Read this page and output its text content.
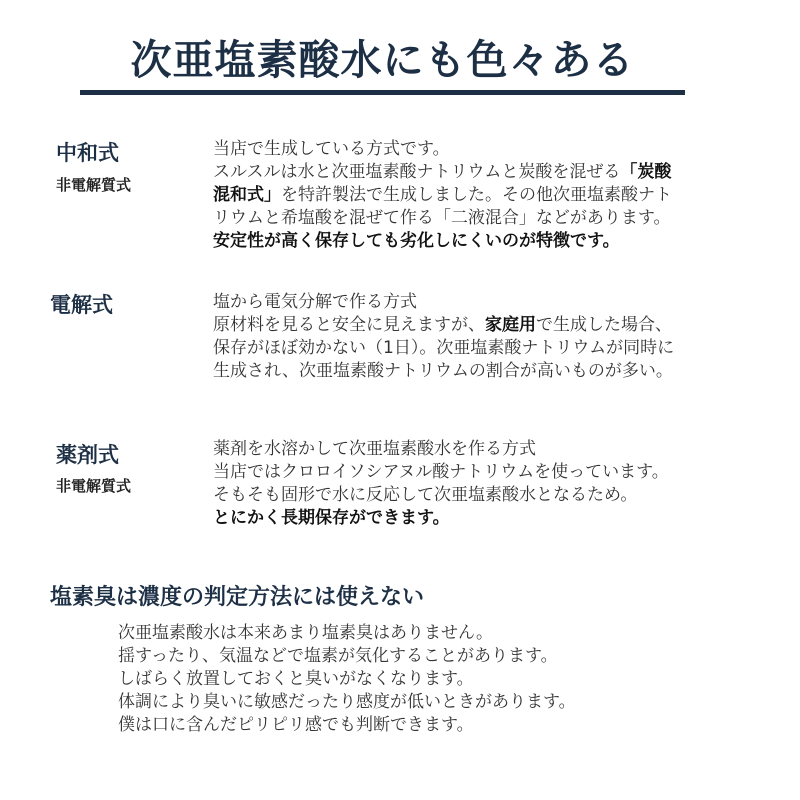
次亜塩素酸水にも色々ある
中和式
非電解質式
当店で生成している方式です。
スルスルは水と次亜塩素酸ナトリウムと炭酸を混ぜる「炭酸
混和式」を特許製法で生成しました。その他次亜塩素酸ナト
リウムと希塩酸を混ぜて作る「二液混合」などがあります。
安定性が高く保存しても劣化しにくいのが特徴です。
電解式	塩から電気分解で作る方式
原材料を見ると安全に見えますが、家庭用で生成した場合、
保存がほぼ効かない（1日）。次亜塩素酸ナトリウムが同時に
生成され、次亜塩素酸ナトリウムの割合が高いものが多い。
薬剤式
非電解質式
薬剤を水溶かして次亜塩素酸水を作る方式
当店ではクロロイソシアヌル酸ナトリウムを使っています。
そもそも固形で水に反応して次亜塩素酸水となるため。
とにかく長期保存ができます。
塩素臭は濃度の判定方法には使えない
次亜塩素酸水は本来あまり塩素臭はありません。
揺すったり、気温などで塩素が気化することがあります。
しばらく放置しておくと臭いがなくなります。
体調により臭いに敏感だったり感度が低いときがあります。
僕は口に含んだピリピリ感でも判断できます。
